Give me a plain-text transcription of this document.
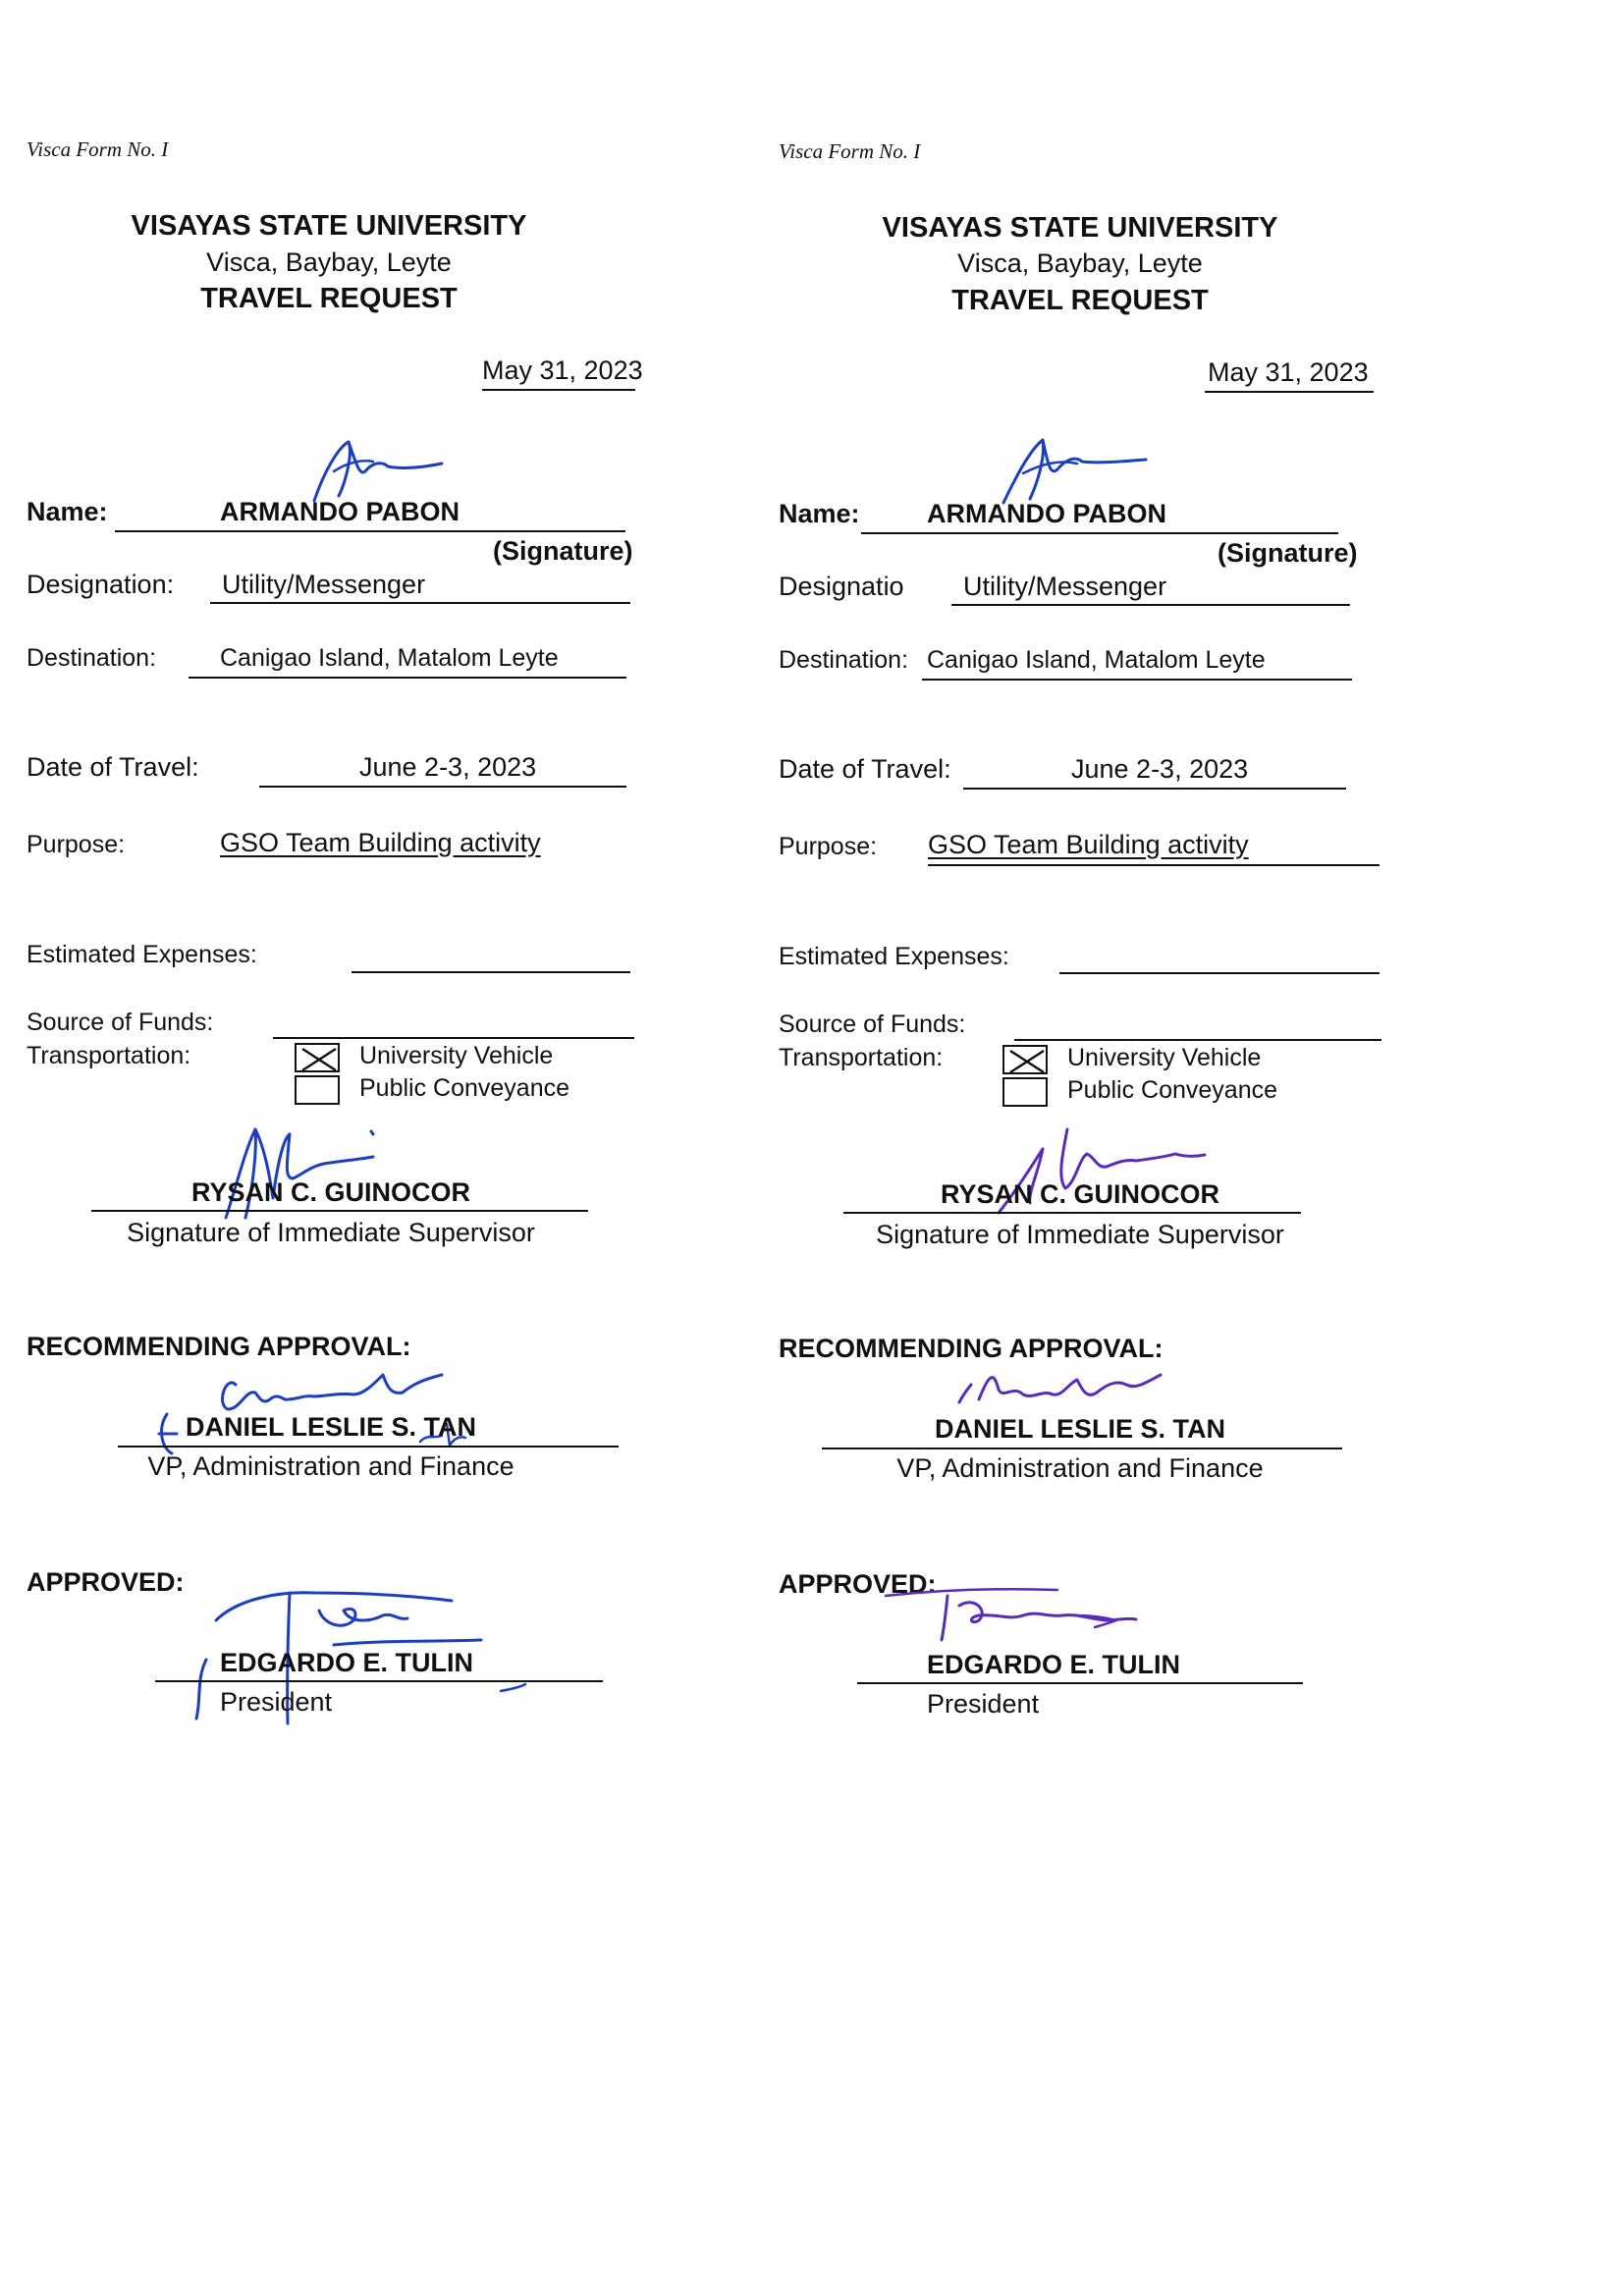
Visca Form No. I
VISAYAS STATE UNIVERSITY
Visca, Baybay, Leyte
TRAVEL REQUEST
May 31, 2023
Name:	ARMANDO PABON
(Signature)
Designation: Utility/Messenger
Destination:	Canigao Island, Matalom Leyte
Date of Travel:	June 2-3, 2023
Purpose:	GSO Team Building activity
Estimated Expenses:
Source of Funds:
Transportation:	University Vehicle
Public Conveyance
RYSAN C. GUINOCOR
Signature of Immediate Supervisor
RECOMMENDING APPROVAL:
DANIEL LESLIE S. TAN
VP, Administration and Finance
APPROVED:
EDGARDO E. TULIN
President
Visca Form No. I
VISAYAS STATE UNIVERSITY
Visca, Baybay, Leyte
TRAVEL REQUEST
May 31, 2023
Name:	ARMANDO PABON
(Signature)
Designatio Utility/Messenger
Destination: Canigao Island, Matalom Leyte
Date of Travel:	June 2-3, 2023
Purpose: GSO Team Building activity
Estimated Expenses:
Source of Funds:
Transportation:	University Vehicle
Public Conveyance
RYSAN C. GUINOCOR
Signature of Immediate Supervisor
RECOMMENDING APPROVAL:
DANIEL LESLIE S. TAN
VP, Administration and Finance
APPROVED:
EDGARDO E. TULIN
President
